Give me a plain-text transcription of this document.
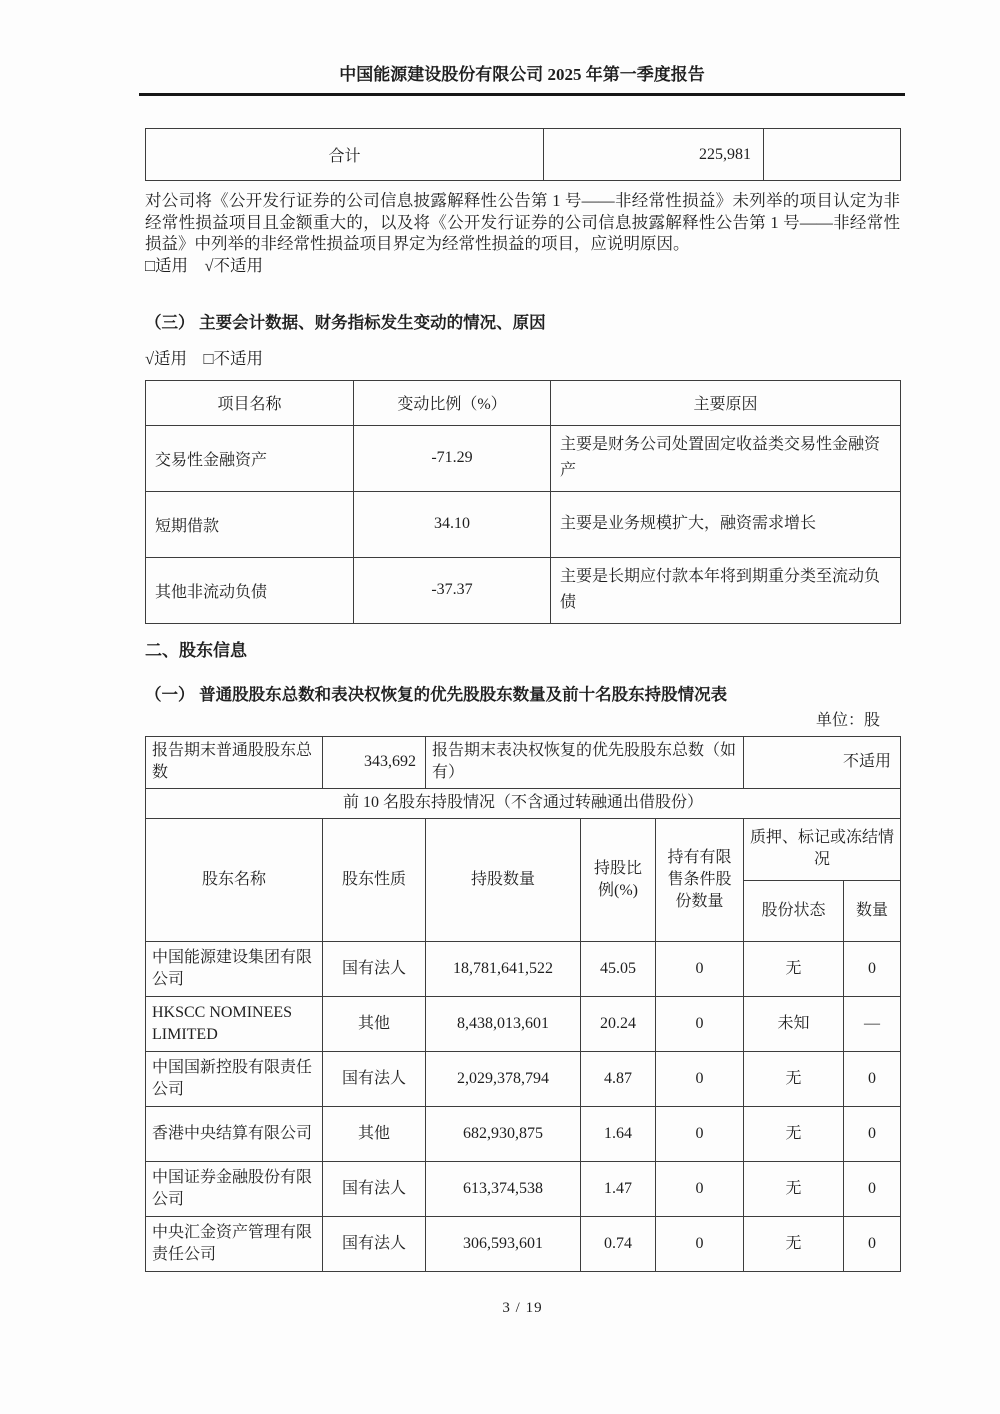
中国能源建设股份有限公司 2025 年第一季度报告
合计	225,981	
对公司将《公开发行证券的公司信息披露解释性公告第 1 号——非经常性损益》未列举的项目认定为非经常性损益项目且金额重大的，以及将《公开发行证券的公司信息披露解释性公告第 1 号——非经常性损益》中列举的非经常性损益项目界定为经常性损益的项目，应说明原因。
□适用　√不适用
（三） 主要会计数据、财务指标发生变动的情况、原因
√适用　□不适用
项目名称	变动比例（%）	主要原因
交易性金融资产	-71.29	主要是财务公司处置固定收益类交易性金融资产
短期借款	34.10	主要是业务规模扩大，融资需求增长
其他非流动负债	-37.37	主要是长期应付款本年将到期重分类至流动负债
二、股东信息
（一） 普通股股东总数和表决权恢复的优先股股东数量及前十名股东持股情况表
单位：股
报告期末普通股股东总数	343,692	报告期末表决权恢复的优先股股东总数（如有）			不适用	
前 10 名股东持股情况（不含通过转融通出借股份）						
股东名称	股东性质	持股数量	持股比例(%)	持有有限售条件股份数量	质押、标记或冻结情况	
					股份状态	数量
中国能源建设集团有限公司	国有法人	18,781,641,522	45.05	0	无	0
HKSCC NOMINEES LIMITED	其他	8,438,013,601	20.24	0	未知	—
中国国新控股有限责任公司	国有法人	2,029,378,794	4.87	0	无	0
香港中央结算有限公司	其他	682,930,875	1.64	0	无	0
中国证券金融股份有限公司	国有法人	613,374,538	1.47	0	无	0
中央汇金资产管理有限责任公司	国有法人	306,593,601	0.74	0	无	0
3 / 19
